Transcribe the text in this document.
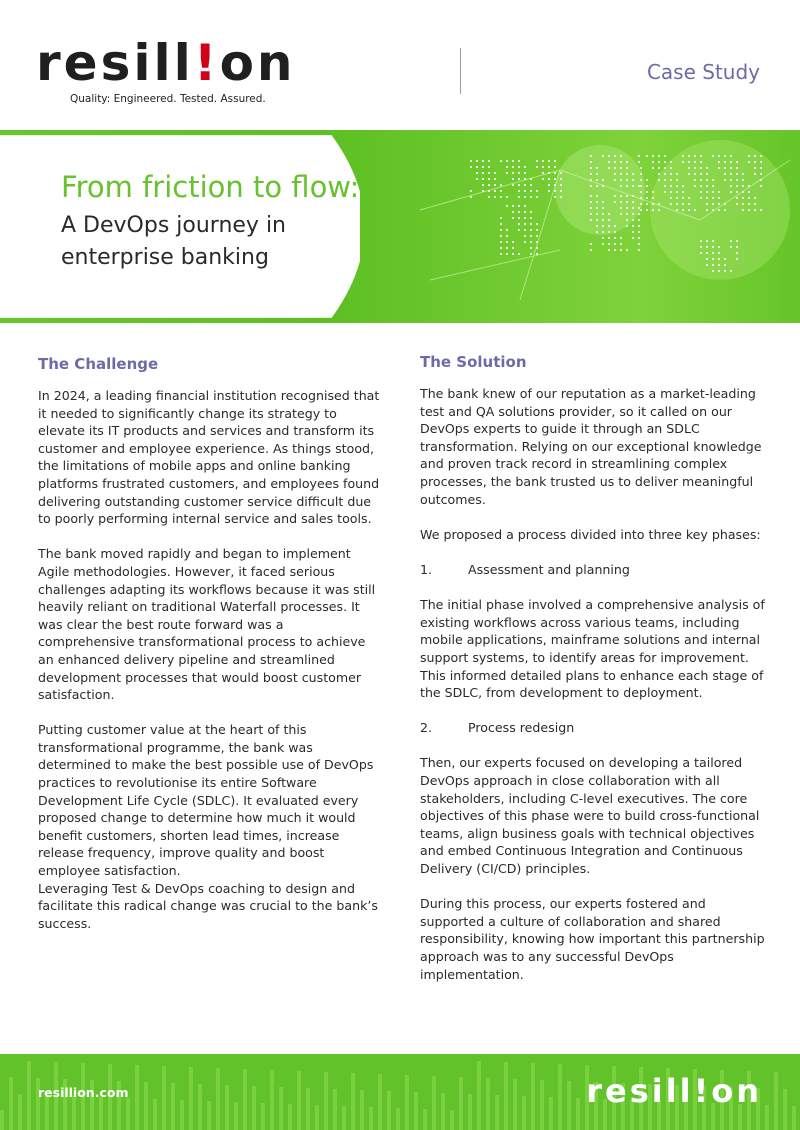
resill!on
Quality: Engineered. Tested. Assured.
Case Study
From friction to flow:
A DevOps journey in
enterprise banking
The Challenge

In 2024, a leading financial institution recognised that it needed to significantly change its strategy to elevate its IT products and services and transform its customer and employee experience. As things stood, the limitations of mobile apps and online banking platforms frustrated customers, and employees found delivering outstanding customer service difficult due to poorly performing internal service and sales tools.

The bank moved rapidly and began to implement Agile methodologies. However, it faced serious challenges adapting its workflows because it was still heavily reliant on traditional Waterfall processes. It was clear the best route forward was a comprehensive transformational process to achieve an enhanced delivery pipeline and streamlined development processes that would boost customer satisfaction.

Putting customer value at the heart of this transformational programme, the bank was determined to make the best possible use of DevOps practices to revolutionise its entire Software Development Life Cycle (SDLC). It evaluated every proposed change to determine how much it would benefit customers, shorten lead times, increase release frequency, improve quality and boost employee satisfaction.

Leveraging Test & DevOps coaching to design and facilitate this radical change was crucial to the bank’s success.

The Solution

The bank knew of our reputation as a market-leading test and QA solutions provider, so it called on our DevOps experts to guide it through an SDLC transformation. Relying on our exceptional knowledge and proven track record in streamlining complex processes, the bank trusted us to deliver meaningful outcomes.

We proposed a process divided into three key phases:

1.	Assessment and planning

The initial phase involved a comprehensive analysis of existing workflows across various teams, including mobile applications, mainframe solutions and internal support systems, to identify areas for improvement. This informed detailed plans to enhance each stage of the SDLC, from development to deployment.

2.	Process redesign

Then, our experts focused on developing a tailored DevOps approach in close collaboration with all stakeholders, including C-level executives. The core objectives of this phase were to build cross-functional teams, align business goals with technical objectives and embed Continuous Integration and Continuous Delivery (CI/CD) principles.

During this process, our experts fostered and supported a culture of collaboration and shared responsibility, knowing how important this partnership approach was to any successful DevOps implementation.

resillion.com	resill!on
